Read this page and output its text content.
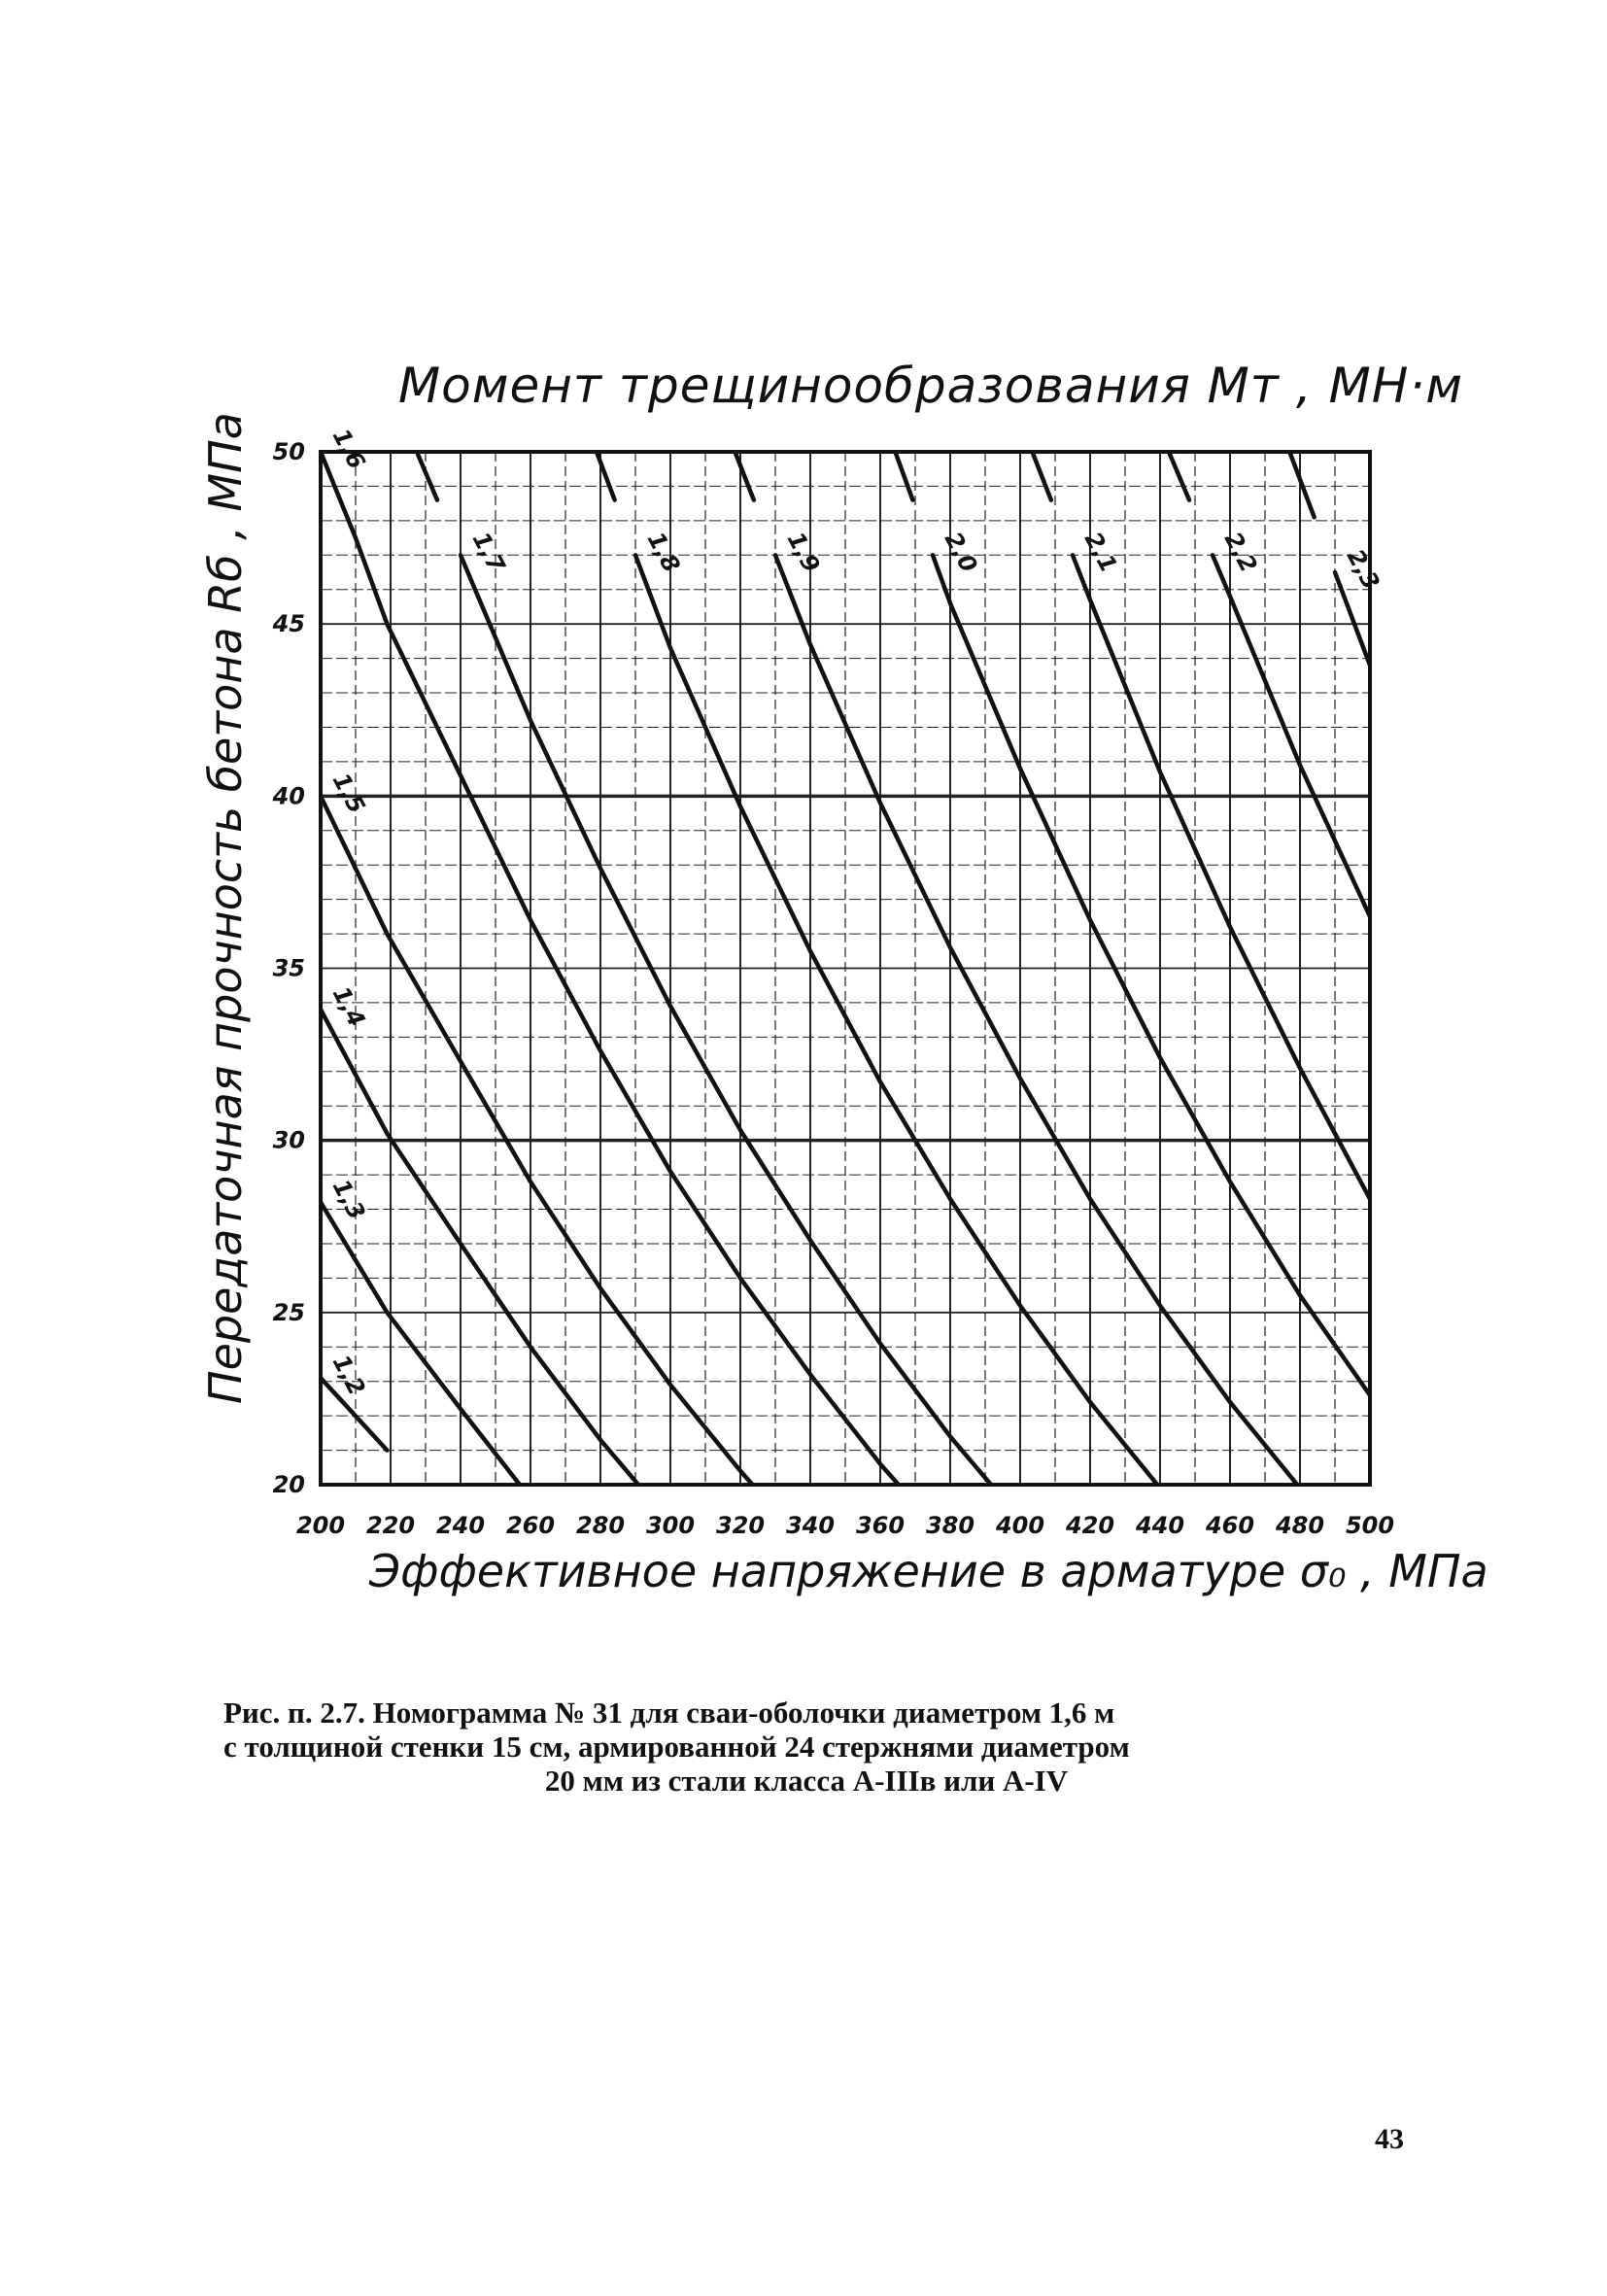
1,2
1,3
1,4
1,5
1,6
1,7	1,8	1,9	2,0	2,1	2,2	2,3
200 220 240 260 280 300 320 340 360 380 400 420 440 460 480 500
20
25
30
35
40
45
50
Момент трещинообразования Mт , МН·м
Эффективное напряжение в арматуре σ₀ , МПа
Передаточная прочность бетона Rб , МПа
Рис. п. 2.7. Номограмма № 31 для сваи-оболочки диаметром 1,6 м
с толщиной стенки 15 см, армированной 24 стержнями диаметром
20 мм из стали класса А-IIIв или А-IV
43
